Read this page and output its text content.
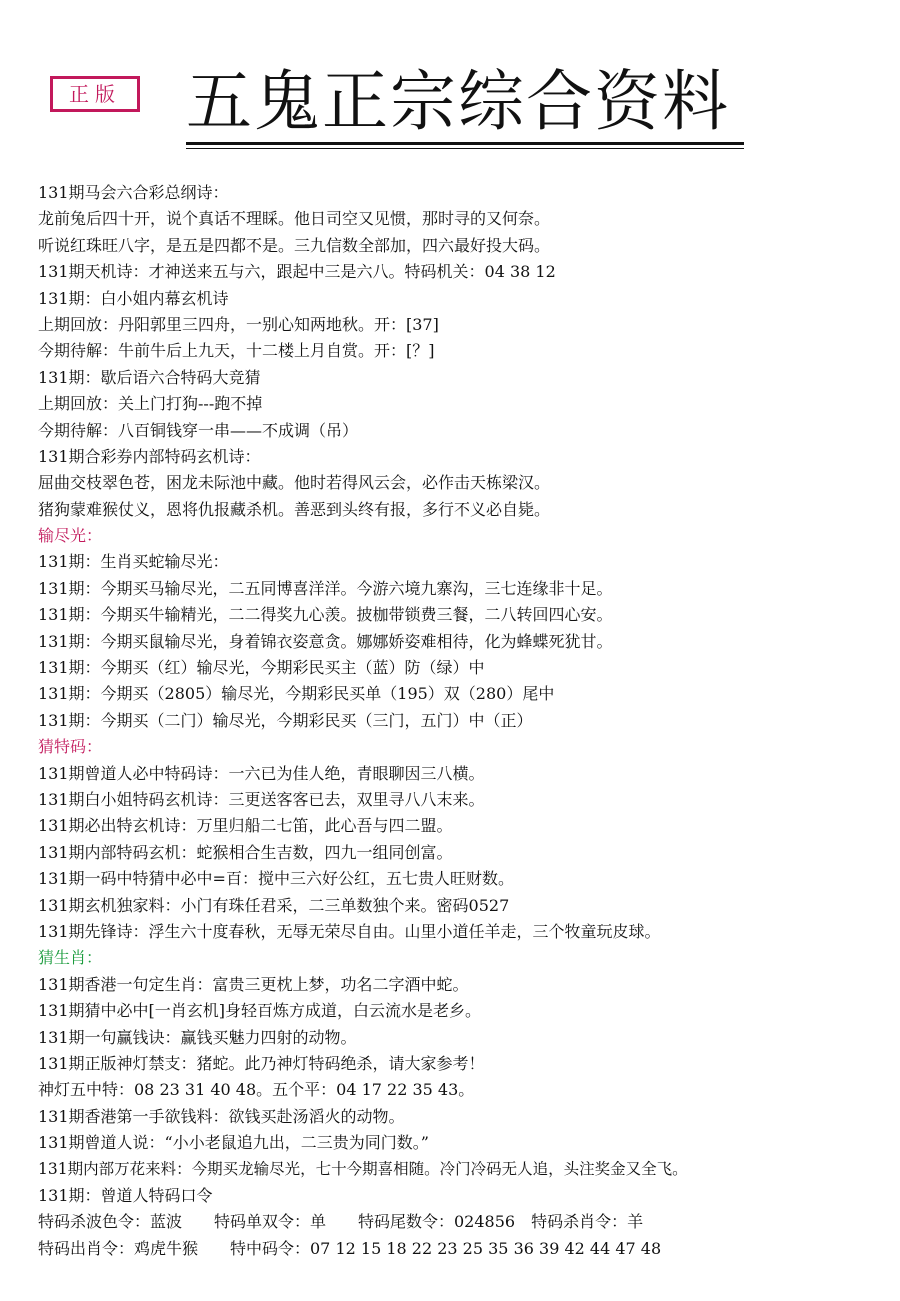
正版 五鬼正宗综合资料
131期马会六合彩总纲诗：
龙前兔后四十开，说个真话不理睬。他日司空又见惯，那时寻的又何奈。
听说红珠旺八字，是五是四都不是。三九信数全部加，四六最好投大码。
131期天机诗：才神送来五与六，跟起中三是六八。特码机关：04 38 12
131期：白小姐内幕玄机诗
上期回放：丹阳郭里三四舟，一别心知两地秋。开：[37]
今期待解：牛前牛后上九天，十二楼上月自赏。开：[？]
131期：歇后语六合特码大竞猜
上期回放：关上门打狗---跑不掉
今期待解：八百铜钱穿一串——不成调（吊）
131期合彩券内部特码玄机诗：
屈曲交枝翠色苍，困龙未际池中藏。他时若得风云会，必作击天栋梁汉。
猪狗蒙难猴仗义，恩将仇报藏杀机。善恶到头终有报，多行不义必自毙。
输尽光：
131期：生肖买蛇输尽光：
131期：今期买马输尽光，二五同博喜洋洋。今游六境九寨沟，三七连缘非十足。
131期：今期买牛输精光，二二得奖九心羡。披枷带锁费三餐，二八转回四心安。
131期：今期买鼠输尽光，身着锦衣姿意贪。娜娜娇姿难相待，化为蜂蝶死犹甘。
131期：今期买（红）输尽光，今期彩民买主（蓝）防（绿）中
131期：今期买（2805）输尽光，今期彩民买单（195）双（280）尾中
131期：今期买（二门）输尽光，今期彩民买（三门，五门）中（正）
猜特码：
131期曾道人必中特码诗：一六已为佳人绝，青眼聊因三八横。
131期白小姐特码玄机诗：三更送客客已去，双里寻八八末来。
131期必出特玄机诗：万里归船二七笛，此心吾与四二盟。
131期内部特码玄机：蛇猴相合生吉数，四九一组同创富。
131期一码中特猜中必中=百：搅中三六好公红，五七贵人旺财数。
131期玄机独家料：小门有珠任君采，二三单数独个来。密码0527
131期先锋诗：浮生六十度春秋，无辱无荣尽自由。山里小道任羊走，三个牧童玩皮球。
猜生肖：
131期香港一句定生肖：富贵三更枕上梦，功名二字酒中蛇。
131期猜中必中[一肖玄机]身轻百炼方成道，白云流水是老乡。
131期一句赢钱诀：赢钱买魅力四射的动物。
131期正版神灯禁支：猪蛇。此乃神灯特码绝杀，请大家参考！
神灯五中特：08 23 31 40 48。五个平：04 17 22 35 43。
131期香港第一手欲钱料：欲钱买赴汤滔火的动物。
131期曾道人说：“小小老鼠追九出，二三贵为同门数。”
131期内部万花来料：今期买龙输尽光，七十今期喜相随。冷门冷码无人追，头注奖金又全飞。
131期：曾道人特码口令
特码杀波色令：蓝波　　特码单双令：单　　特码尾数令：024856　特码杀肖令：羊
特码出肖令：鸡虎牛猴　　特中码令：07 12 15 18 22 23 25 35 36 39 42 44 47 48
